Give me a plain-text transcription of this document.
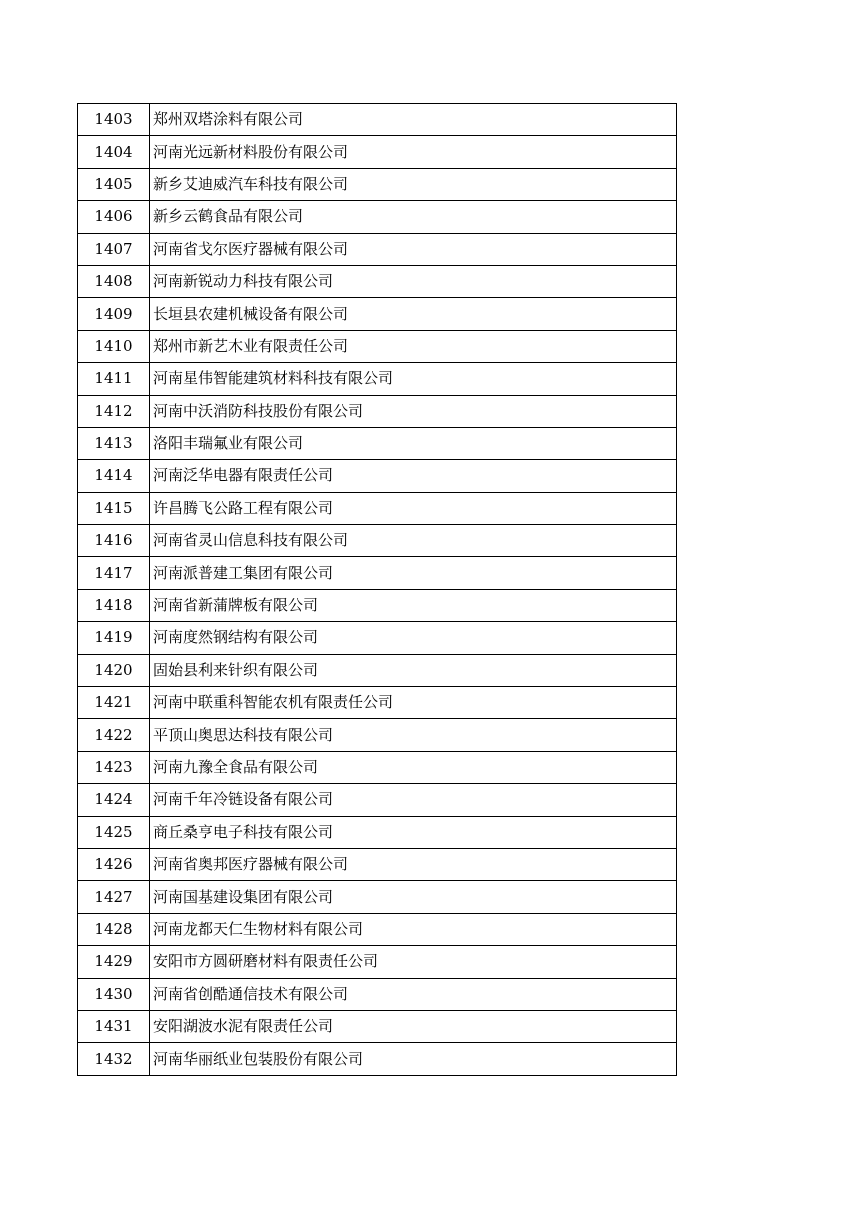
1403	郑州双塔涂料有限公司
1404	河南光远新材料股份有限公司
1405	新乡艾迪威汽车科技有限公司
1406	新乡云鹤食品有限公司
1407	河南省戈尔医疗器械有限公司
1408	河南新锐动力科技有限公司
1409	长垣县农建机械设备有限公司
1410	郑州市新艺木业有限责任公司
1411	河南星伟智能建筑材料科技有限公司
1412	河南中沃消防科技股份有限公司
1413	洛阳丰瑞氟业有限公司
1414	河南泛华电器有限责任公司
1415	许昌腾飞公路工程有限公司
1416	河南省灵山信息科技有限公司
1417	河南派普建工集团有限公司
1418	河南省新蒲牌板有限公司
1419	河南度然钢结构有限公司
1420	固始县利来针织有限公司
1421	河南中联重科智能农机有限责任公司
1422	平顶山奥思达科技有限公司
1423	河南九豫全食品有限公司
1424	河南千年冷链设备有限公司
1425	商丘桑亨电子科技有限公司
1426	河南省奥邦医疗器械有限公司
1427	河南国基建设集团有限公司
1428	河南龙都天仁生物材料有限公司
1429	安阳市方圆研磨材料有限责任公司
1430	河南省创酷通信技术有限公司
1431	安阳湖波水泥有限责任公司
1432	河南华丽纸业包装股份有限公司
